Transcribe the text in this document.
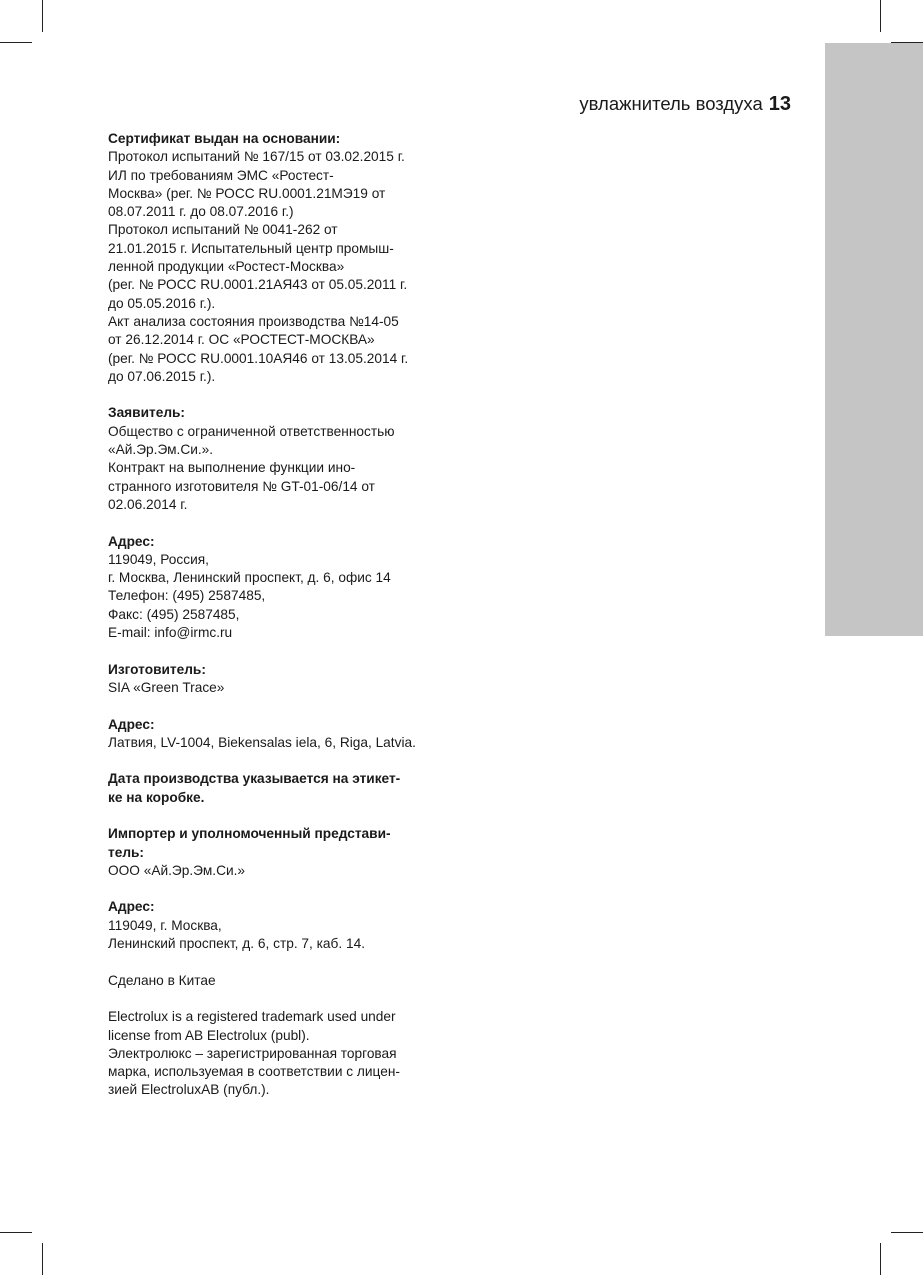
увлажнитель воздуха 13
Сертификат выдан на основании:
Протокол испытаний № 167/15 от 03.02.2015 г.
ИЛ по требованиям ЭМС «Ростест-
Москва» (рег. № РОСС RU.0001.21МЭ19 от
08.07.2011 г. до 08.07.2016 г.)
Протокол испытаний № 0041-262 от
21.01.2015 г. Испытательный центр промыш-
ленной продукции «Ростест-Москва»
(рег. № РОСС RU.0001.21АЯ43 от 05.05.2011 г.
до 05.05.2016 г.).
Акт анализа состояния производства №14-05
от 26.12.2014 г. ОС «РОСТЕСТ-МОСКВА»
(рег. № РОСС RU.0001.10АЯ46 от 13.05.2014 г.
до 07.06.2015 г.).
Заявитель:
Общество с ограниченной ответственностью
«Ай.Эр.Эм.Си.».
Контракт на выполнение функции ино-
странного изготовителя № GT-01-06/14 от
02.06.2014 г.
Адрес:
119049, Россия,
г. Москва, Ленинский проспект, д. 6, офис 14
Телефон: (495) 2587485,
Факс: (495) 2587485,
E-mail: info@irmc.ru
Изготовитель:
SIA «Green Trace»
Адрес:
Латвия, LV-1004, Biekensalas iela, 6, Riga, Latvia.
Дата производства указывается на этикет-
ке на коробке.
Импортер и уполномоченный представи-
тель:
ООО «Ай.Эр.Эм.Си.»
Адрес:
119049, г. Москва,
Ленинский проспект, д. 6, стр. 7, каб. 14.
Сделано в Китае
Electrolux is a registered trademark used under
license from AB Electrolux (publ).
Электролюкс – зарегистрированная торговая
марка, используемая в соответствии с лицен-
зией ElectroluxAB (публ.).
